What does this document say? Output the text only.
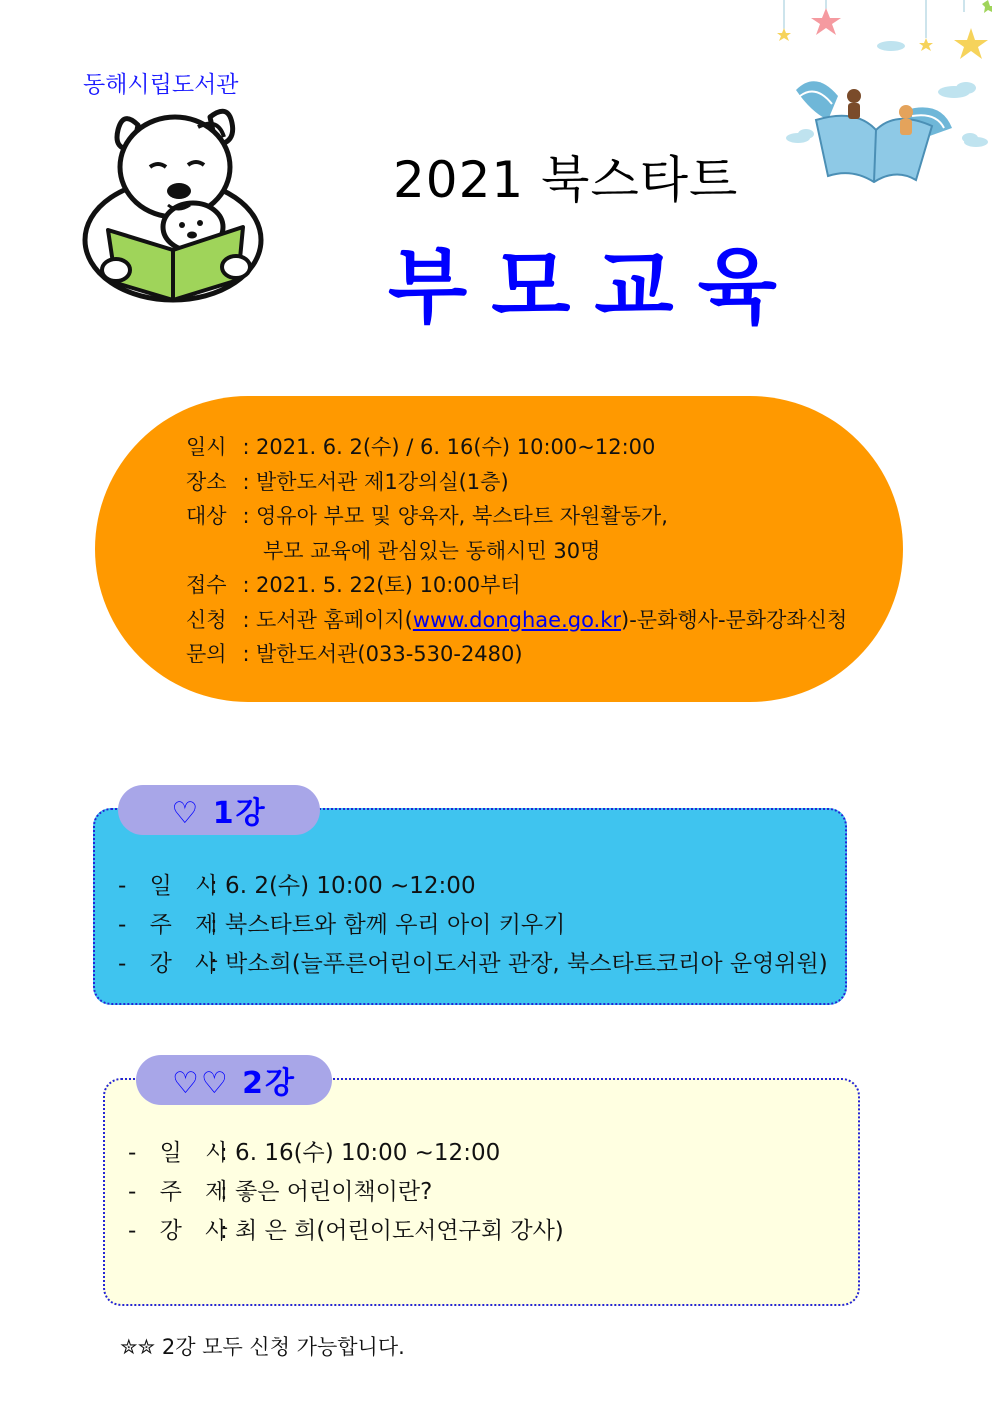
동해시립도서관
2021 북스타트
부모교육
일시 : 2021. 6. 2(수) / 6. 16(수) 10:00~12:00
장소 : 발한도서관 제1강의실(1층)
대상 : 영유아 부모 및 양육자, 북스타트 자원활동가,
부모 교육에 관심있는 동해시민 30명
접수 : 2021. 5. 22(토) 10:00부터
신청 : 도서관 홈페이지(www.donghae.go.kr)-문화행사-문화강좌신청
문의 : 발한도서관(033-530-2480)
♡ 1강
- 일 시: 6. 2(수) 10:00 ~12:00
- 주 제: 북스타트와 함께 우리 아이 키우기
- 강 사: 박소희(늘푸른어린이도서관 관장, 북스타트코리아 운영위원)
♡♡ 2강
- 일 시: 6. 16(수) 10:00 ~12:00
- 주 제: 좋은 어린이책이란?
- 강 사: 최 은 희(어린이도서연구회 강사)
✮✮ 2강 모두 신청 가능합니다.
